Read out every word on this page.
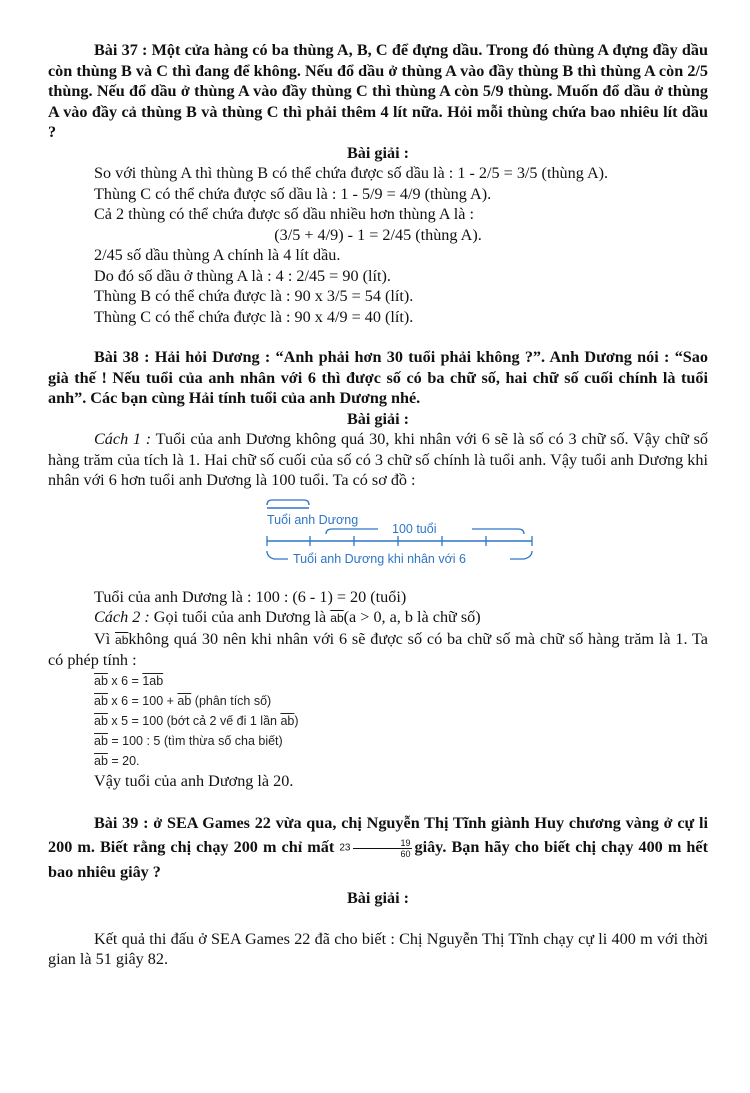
Bài 37 : Một cửa hàng có ba thùng A, B, C để đựng dầu. Trong đó thùng A đựng đầy dầu còn thùng B và C thì đang để không. Nếu đổ dầu ở thùng A vào đầy thùng B thì thùng A còn 2/5 thùng. Nếu đổ dầu ở thùng A vào đầy thùng C thì thùng A còn 5/9 thùng. Muốn đổ dầu ở thùng A vào đầy cả thùng B và thùng C thì phải thêm 4 lít nữa. Hỏi mỗi thùng chứa bao nhiêu lít dầu ?

Bài giải :

So với thùng A thì thùng B có thể chứa được số dầu là : 1 - 2/5 = 3/5 (thùng A).

Thùng C có thể chứa được số dầu là : 1 - 5/9 = 4/9 (thùng A).

Cả 2 thùng có thể chứa được số dầu nhiều hơn thùng A là :

(3/5 + 4/9) - 1 = 2/45 (thùng A).

2/45 số dầu thùng A chính là 4 lít dầu.

Do đó số dầu ở thùng A là : 4 : 2/45 = 90 (lít).

Thùng B có thể chứa được là : 90 x 3/5 = 54 (lít).

Thùng C có thể chứa được là : 90 x 4/9 = 40 (lít).

Bài 38 : Hải hỏi Dương : “Anh phải hơn 30 tuổi phải không ?”. Anh Dương nói : “Sao già thế ! Nếu tuổi của anh nhân với 6 thì được số có ba chữ số, hai chữ số cuối chính là tuổi anh”. Các bạn cùng Hải tính tuổi của anh Dương nhé.

Bài giải :

Cách 1 : Tuổi của anh Dương không quá 30, khi nhân với 6 sẽ là số có 3 chữ số. Vậy chữ số hàng trăm của tích là 1. Hai chữ số cuối của số có 3 chữ số chính là tuổi anh. Vậy tuổi anh Dương khi nhân với 6 hơn tuổi anh Dương là 100 tuổi. Ta có sơ đồ :

Tuổi anh Dương
100 tuổi
Tuổi anh Dương khi nhân với 6

Tuổi của anh Dương là : 100 : (6 - 1) = 20 (tuổi)

Cách 2 : Gọi tuổi của anh Dương là $\overline{ab}(a > 0$, a, b là chữ số)

Vì $\overline{ab}không$ quá 30 nên khi nhân với 6 sẽ được số có ba chữ số mà chữ số hàng trăm là 1. Ta có phép tính :

$\overline{ab}$ x 6 = 1ab
$\overline{ab}$ x $6 = 100 + \overline{ab}$ (phân tích số)
$\overline{ab}$ x 5 = 100 (bớt cả 2 vế đi 1 lần $\overline{ab}$)
$\overline{ab} = 100$ : 5 (tìm thừa số cha biết)
$\overline{ab} = 20$.

Vậy tuổi của anh Dương là 20.

Bài 39 : ở SEA Games 22 vừa qua, chị Nguyễn Thị Tĩnh giành Huy chương vàng ở cự li 200 m. Biết rằng chị chạy 200 m chỉ mất $23 \frac{19}{60}$ giây. Bạn hãy cho biết chị chạy 400 m hết bao nhiêu giây ?

Bài giải :

Kết quả thi đấu ở SEA Games 22 đã cho biết : Chị Nguyễn Thị Tĩnh chạy cự li 400 m với thời gian là 51 giây 82.
